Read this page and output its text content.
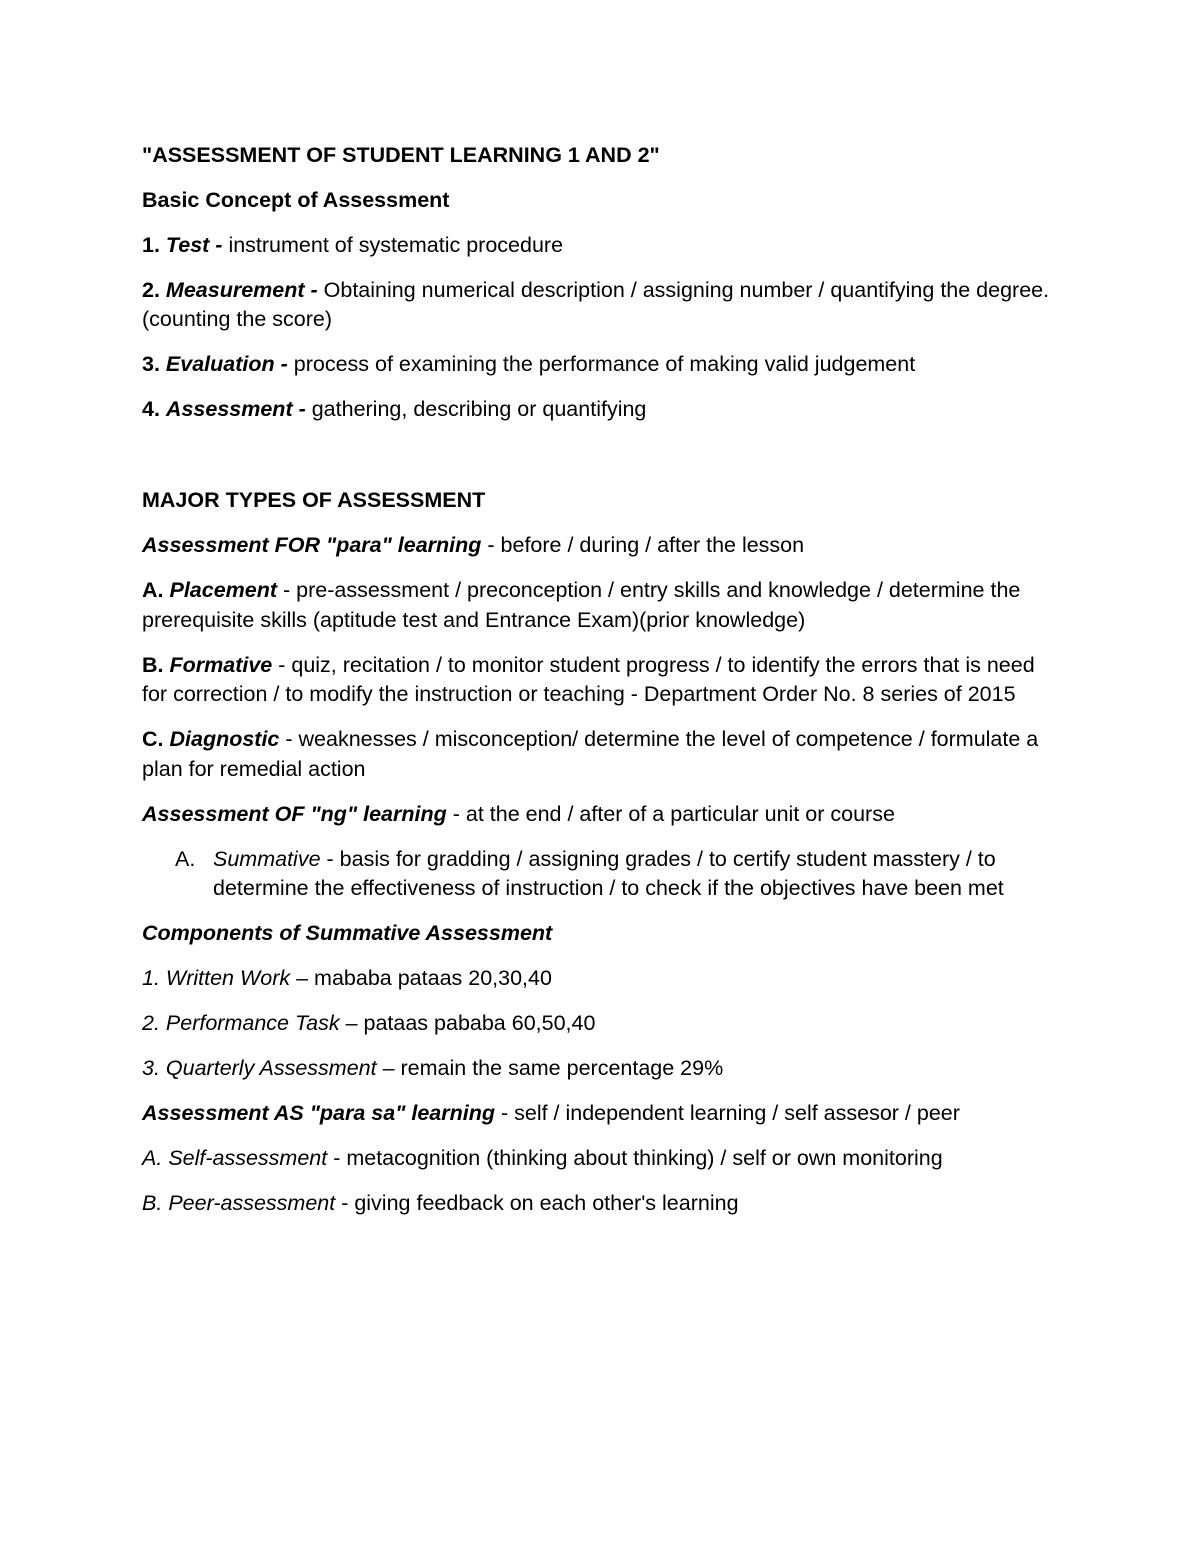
"ASSESSMENT OF STUDENT LEARNING 1 AND 2"

Basic Concept of Assessment

1. Test - instrument of systematic procedure

2. Measurement - Obtaining numerical description / assigning number / quantifying the degree. (counting the score)

3. Evaluation - process of examining the performance of making valid judgement

4. Assessment - gathering, describing or quantifying

MAJOR TYPES OF ASSESSMENT

Assessment FOR "para" learning - before / during / after the lesson

A. Placement - pre-assessment / preconception / entry skills and knowledge / determine the prerequisite skills (aptitude test and Entrance Exam)(prior knowledge)

B. Formative - quiz, recitation / to monitor student progress / to identify the errors that is need for correction / to modify the instruction or teaching - Department Order No. 8 series of 2015

C. Diagnostic - weaknesses / misconception/ determine the level of competence / formulate a plan for remedial action

Assessment OF "ng" learning - at the end / after of a particular unit or course

A. Summative - basis for gradding / assigning grades / to certify student masstery / to determine the effectiveness of instruction / to check if the objectives have been met

Components of Summative Assessment

1. Written Work – mababa pataas 20,30,40

2. Performance Task – pataas pababa 60,50,40

3. Quarterly Assessment – remain the same percentage 29%

Assessment AS "para sa" learning - self / independent learning / self assesor / peer

A. Self-assessment - metacognition (thinking about thinking) / self or own monitoring

B. Peer-assessment - giving feedback on each other's learning
